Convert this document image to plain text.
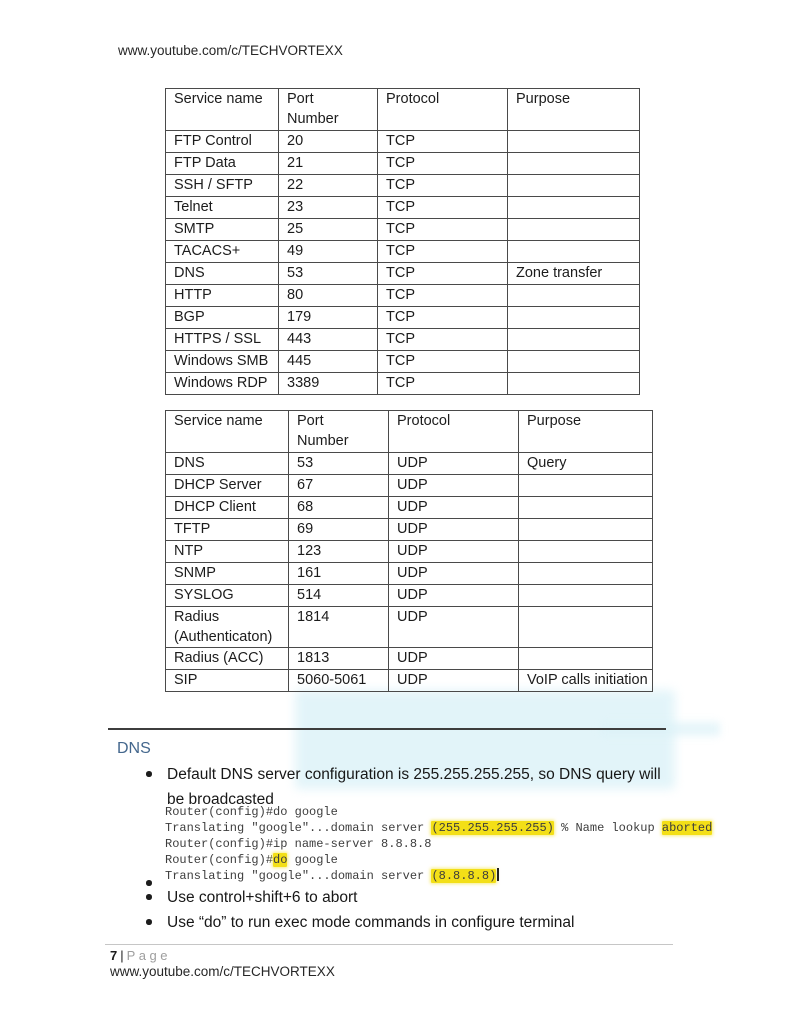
www.youtube.com/c/TECHVORTEXX
Service name	Port Number	Protocol	Purpose
FTP Control	20	TCP	
FTP Data	21	TCP	
SSH / SFTP	22	TCP	
Telnet	23	TCP	
SMTP	25	TCP	
TACACS+	49	TCP	
DNS	53	TCP	Zone transfer
HTTP	80	TCP	
BGP	179	TCP	
HTTPS / SSL	443	TCP	
Windows SMB	445	TCP	
Windows RDP	3389	TCP	
Service name	Port Number	Protocol	Purpose
DNS	53	UDP	Query
DHCP Server	67	UDP	
DHCP Client	68	UDP	
TFTP	69	UDP	
NTP	123	UDP	
SNMP	161	UDP	
SYSLOG	514	UDP	
Radius (Authenticaton)	1814	UDP	
Radius (ACC)	1813	UDP	
SIP	5060-5061	UDP	VoIP calls initiation
DNS
Default DNS server configuration is 255.255.255.255, so DNS query will be broadcasted
Router(config)#do google
Translating "google"...domain server (255.255.255.255) % Name lookup aborted
Router(config)#ip name-server 8.8.8.8
Router(config)#do google
Translating "google"...domain server (8.8.8.8)
Use control+shift+6 to abort
Use “do” to run exec mode commands in configure terminal
7 | Page
www.youtube.com/c/TECHVORTEXX
